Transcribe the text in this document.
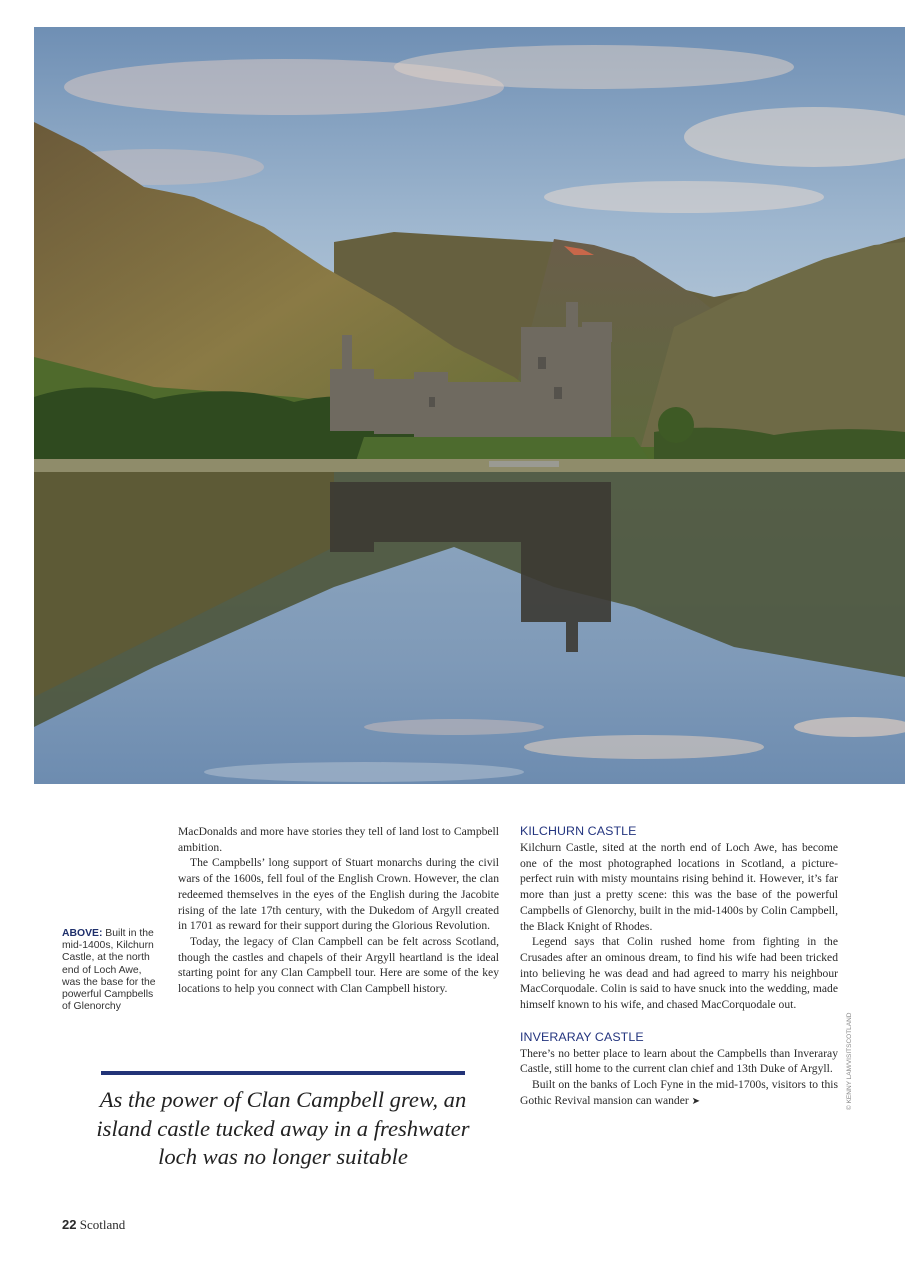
ABOVE: Built in the mid-1400s, Kilchurn Castle, at the north end of Loch Awe, was the base for the powerful Campbells of Glenorchy

MacDonalds and more have stories they tell of land lost to Campbell ambition.

The Campbells’ long support of Stuart monarchs during the civil wars of the 1600s, fell foul of the English Crown. However, the clan redeemed themselves in the eyes of the English during the Jacobite rising of the late 17th century, with the Dukedom of Argyll created in 1701 as reward for their support during the Glorious Revolution.

Today, the legacy of Clan Campbell can be felt across Scotland, though the castles and chapels of their Argyll heartland is the ideal starting point for any Clan Campbell tour. Here are some of the key locations to help you connect with Clan Campbell history.

As the power of Clan Campbell grew, an island castle tucked away in a freshwater loch was no longer suitable
KILCHURN CASTLE

Kilchurn Castle, sited at the north end of Loch Awe, has become one of the most photographed locations in Scotland, a picture-perfect ruin with misty mountains rising behind it. However, it’s far more than just a pretty scene: this was the base of the powerful Campbells of Glenorchy, built in the mid-1400s by Colin Campbell, the Black Knight of Rhodes.

Legend says that Colin rushed home from fighting in the Crusades after an ominous dream, to find his wife had been tricked into believing he was dead and had agreed to marry his neighbour MacCorquodale. Colin is said to have snuck into the wedding, made himself known to his wife, and chased MacCorquodale out.

INVERARAY CASTLE

There’s no better place to learn about the Campbells than Inveraray Castle, still home to the current clan chief and 13th Duke of Argyll.

Built on the banks of Loch Fyne in the mid-1700s, visitors to this Gothic Revival mansion can wander ➤	© KENNY LAM/VISITSCOTLAND
22 Scotland
